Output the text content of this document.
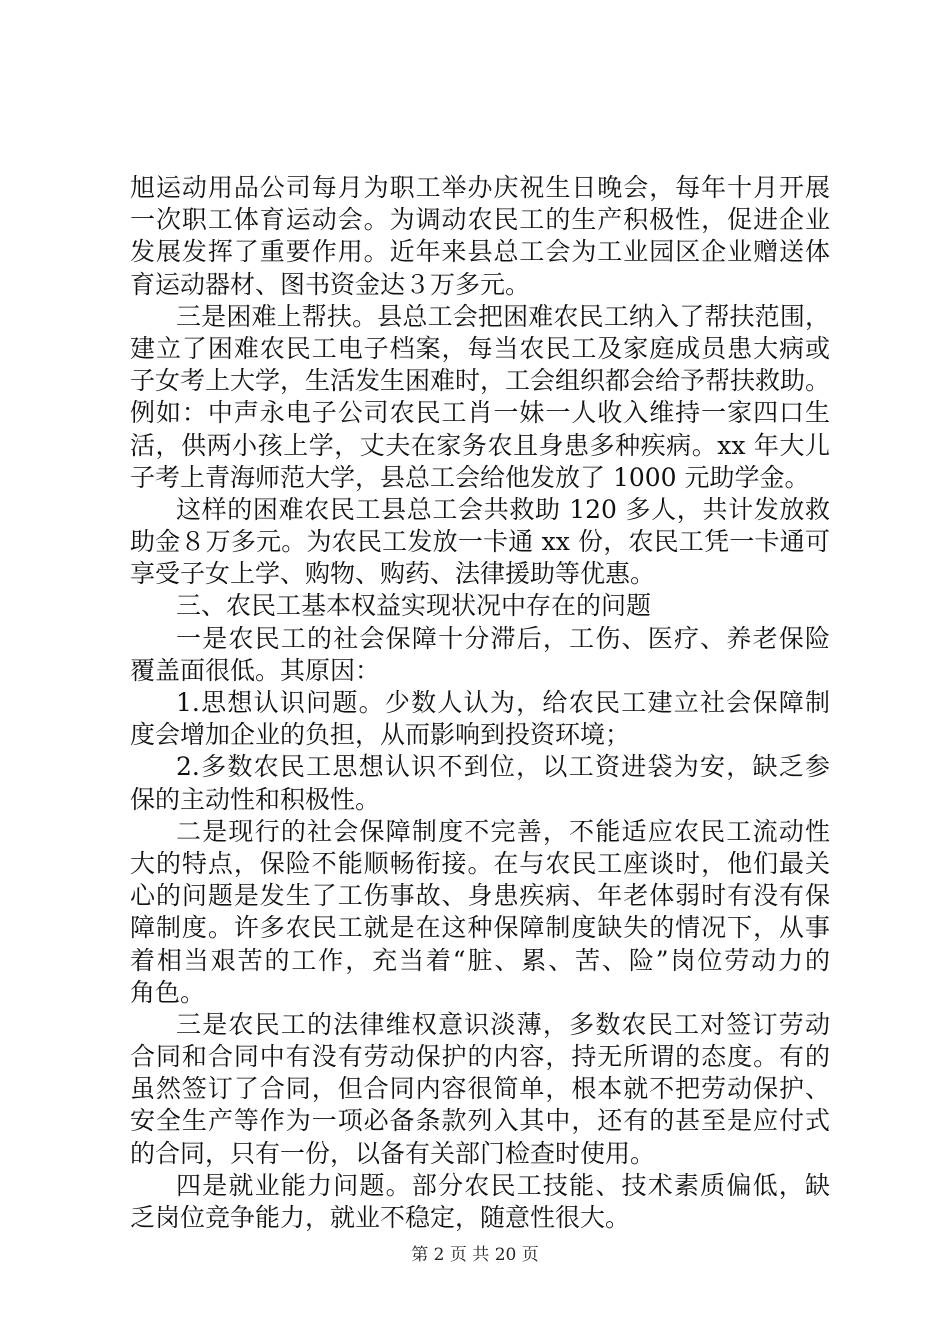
旭运动用品公司每月为职工举办庆祝生日晚会，每年十月开展
一次职工体育运动会。为调动农民工的生产积极性，促进企业
发展发挥了重要作用。近年来县总工会为工业园区企业赠送体
育运动器材、图书资金达３万多元。
三是困难上帮扶。县总工会把困难农民工纳入了帮扶范围，
建立了困难农民工电子档案，每当农民工及家庭成员患大病或
子女考上大学，生活发生困难时，工会组织都会给予帮扶救助。
例如：中声永电子公司农民工肖一妹一人收入维持一家四口生
活，供两小孩上学，丈夫在家务农且身患多种疾病。xx 年大儿
子考上青海师范大学，县总工会给他发放了 1000 元助学金。
这样的困难农民工县总工会共救助 120 多人，共计发放救
助金８万多元。为农民工发放一卡通 xx 份，农民工凭一卡通可
享受子女上学、购物、购药、法律援助等优惠。
三、农民工基本权益实现状况中存在的问题
一是农民工的社会保障十分滞后，工伤、医疗、养老保险
覆盖面很低。其原因：
1.思想认识问题。少数人认为，给农民工建立社会保障制
度会增加企业的负担，从而影响到投资环境；
2.多数农民工思想认识不到位，以工资进袋为安，缺乏参
保的主动性和积极性。
二是现行的社会保障制度不完善，不能适应农民工流动性
大的特点，保险不能顺畅衔接。在与农民工座谈时，他们最关
心的问题是发生了工伤事故、身患疾病、年老体弱时有没有保
障制度。许多农民工就是在这种保障制度缺失的情况下，从事
着相当艰苦的工作，充当着“脏、累、苦、险”岗位劳动力的
角色。
三是农民工的法律维权意识淡薄，多数农民工对签订劳动
合同和合同中有没有劳动保护的内容，持无所谓的态度。有的
虽然签订了合同，但合同内容很简单，根本就不把劳动保护、
安全生产等作为一项必备条款列入其中，还有的甚至是应付式
的合同，只有一份，以备有关部门检查时使用。
四是就业能力问题。部分农民工技能、技术素质偏低，缺
乏岗位竞争能力，就业不稳定，随意性很大。
第 2 页 共 20 页
